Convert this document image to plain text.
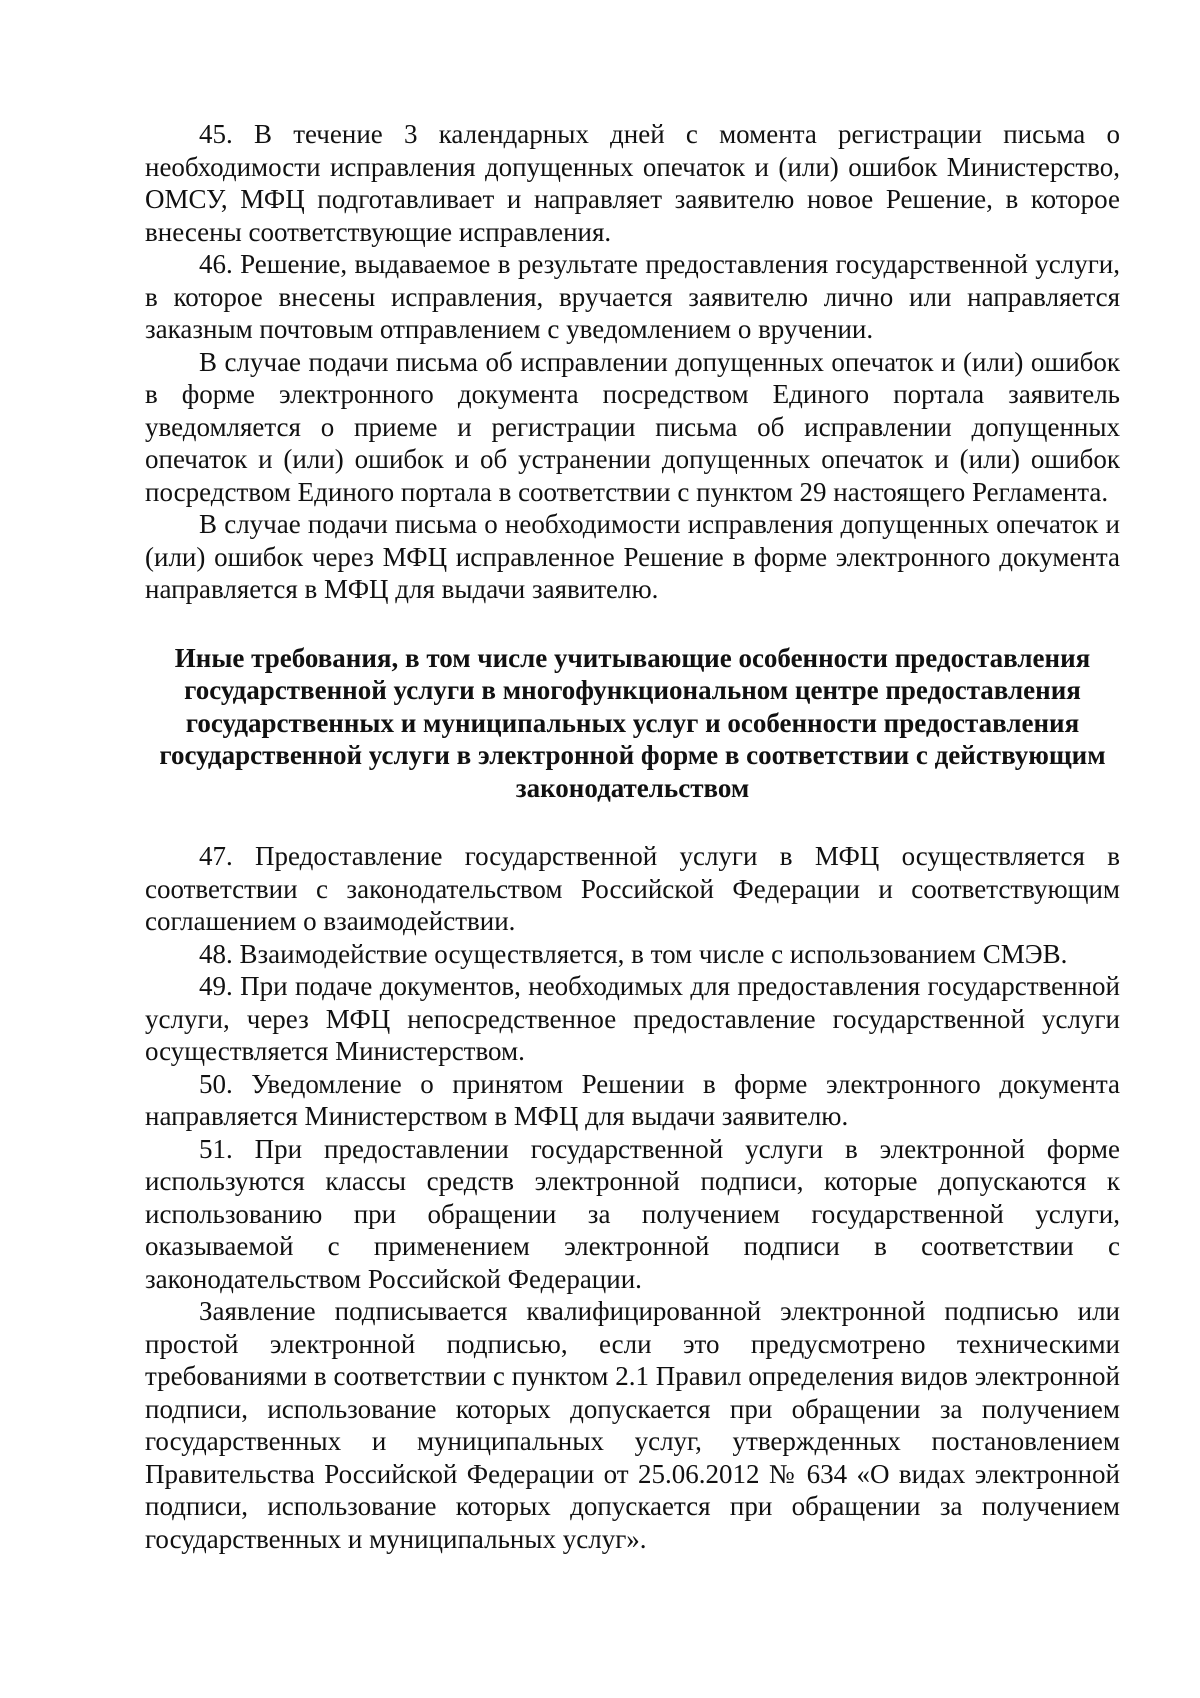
45. В течение 3 календарных дней с момента регистрации письма о необходимости исправления допущенных опечаток и (или) ошибок Министерство, ОМСУ, МФЦ подготавливает и направляет заявителю новое Решение, в которое внесены соответствующие исправления.

46. Решение, выдаваемое в результате предоставления государственной услуги, в которое внесены исправления, вручается заявителю лично или направляется заказным почтовым отправлением с уведомлением о вручении.

В случае подачи письма об исправлении допущенных опечаток и (или) ошибок в форме электронного документа посредством Единого портала заявитель уведомляется о приеме и регистрации письма об исправлении допущенных опечаток и (или) ошибок и об устранении допущенных опечаток и (или) ошибок посредством Единого портала в соответствии с пунктом 29 настоящего Регламента.

В случае подачи письма о необходимости исправления допущенных опечаток и (или) ошибок через МФЦ исправленное Решение в форме электронного документа направляется в МФЦ для выдачи заявителю.

Иные требования, в том числе учитывающие особенности предоставления государственной услуги в многофункциональном центре предоставления государственных и муниципальных услуг и особенности предоставления государственной услуги в электронной форме в соответствии с действующим законодательством

47. Предоставление государственной услуги в МФЦ осуществляется в соответствии с законодательством Российской Федерации и соответствующим соглашением о взаимодействии.

48. Взаимодействие осуществляется, в том числе с использованием СМЭВ.

49. При подаче документов, необходимых для предоставления государственной услуги, через МФЦ непосредственное предоставление государственной услуги осуществляется Министерством.

50. Уведомление о принятом Решении в форме электронного документа направляется Министерством в МФЦ для выдачи заявителю.

51. При предоставлении государственной услуги в электронной форме используются классы средств электронной подписи, которые допускаются к использованию при обращении за получением государственной услуги, оказываемой с применением электронной подписи в соответствии с законодательством Российской Федерации.

Заявление подписывается квалифицированной электронной подписью или простой электронной подписью, если это предусмотрено техническими требованиями в соответствии с пунктом 2.1 Правил определения видов электронной подписи, использование которых допускается при обращении за получением государственных и муниципальных услуг, утвержденных постановлением Правительства Российской Федерации от 25.06.2012 № 634 «О видах электронной подписи, использование которых допускается при обращении за получением государственных и муниципальных услуг».
